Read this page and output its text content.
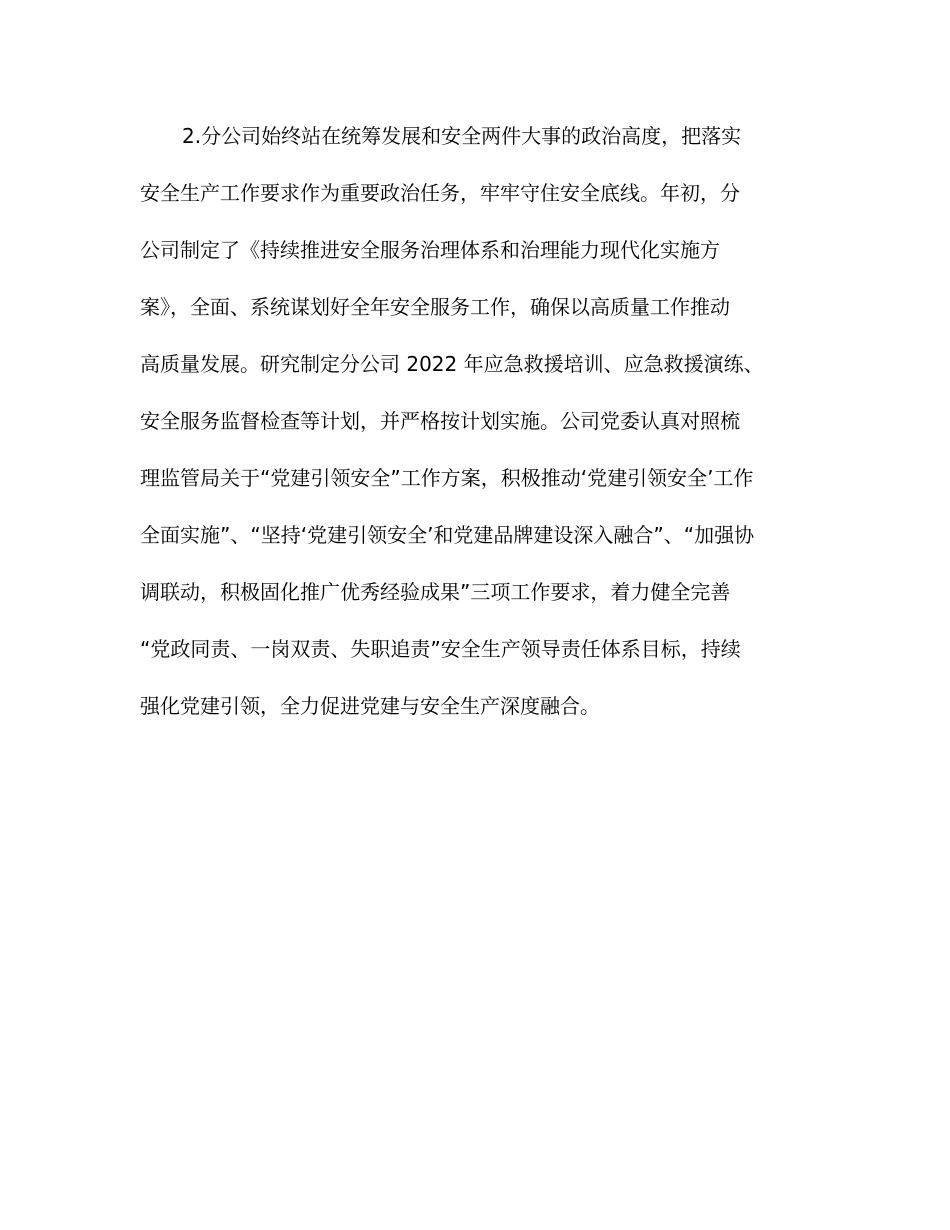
2.分公司始终站在统筹发展和安全两件大事的政治高度，把落实
安全生产工作要求作为重要政治任务，牢牢守住安全底线。年初，分
公司制定了《持续推进安全服务治理体系和治理能力现代化实施方
案》，全面、系统谋划好全年安全服务工作，确保以高质量工作推动
高质量发展。研究制定分公司 2022 年应急救援培训、应急救援演练、
安全服务监督检查等计划，并严格按计划实施。公司党委认真对照梳
理监管局关于“党建引领安全”工作方案，积极推动‘党建引领安全’工作
全面实施”、“坚持‘党建引领安全’和党建品牌建设深入融合”、“加强协
调联动，积极固化推广优秀经验成果”三项工作要求，着力健全完善
“党政同责、一岗双责、失职追责”安全生产领导责任体系目标，持续
强化党建引领，全力促进党建与安全生产深度融合。
